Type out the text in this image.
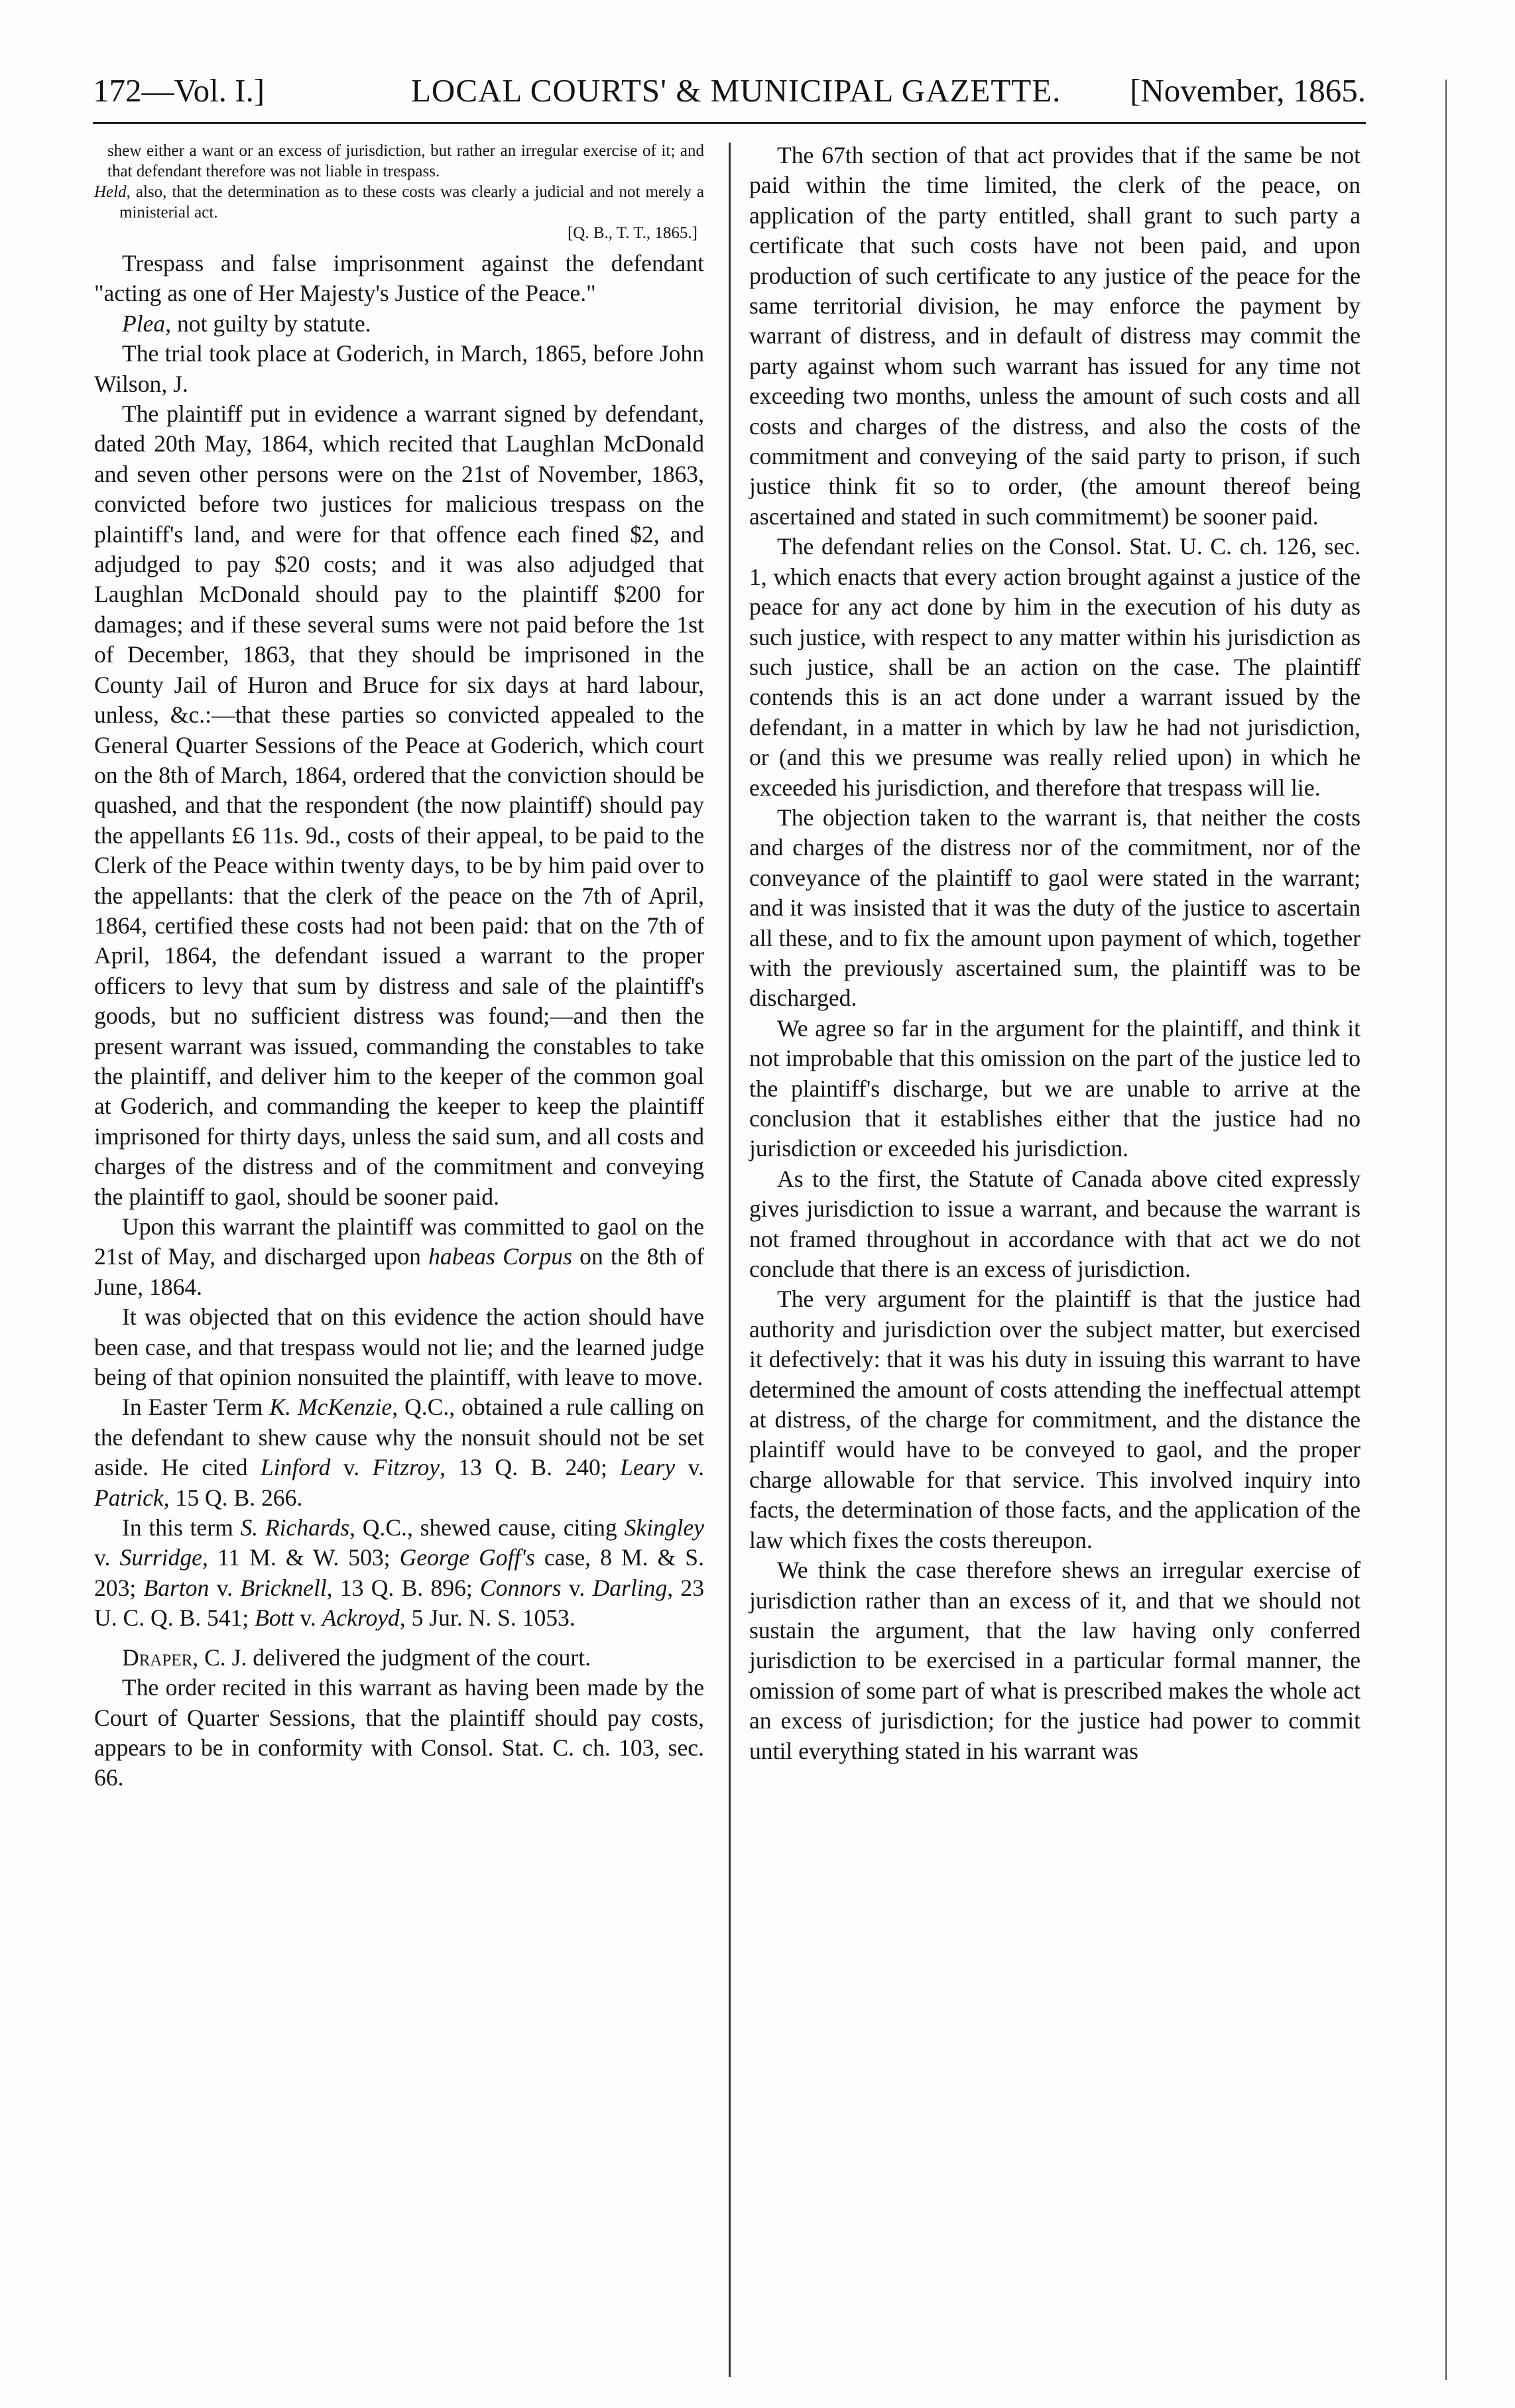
172—Vol. I.]	LOCAL COURTS' & MUNICIPAL GAZETTE. [November, 1865.

shew either a want or an excess of jurisdiction, but rather an irregular exercise of it; and that defendant therefore was not liable in trespass.

Held, also, that the determination as to these costs was clearly a judicial and not merely a ministerial act.

[Q. B., T. T., 1865.]

Trespass and false imprisonment against the defendant "acting as one of Her Majesty's Justice of the Peace."

Plea, not guilty by statute.

The trial took place at Goderich, in March, 1865, before John Wilson, J.

The plaintiff put in evidence a warrant signed by defendant, dated 20th May, 1864, which recited that Laughlan McDonald and seven other persons were on the 21st of November, 1863, convicted before two justices for malicious trespass on the plaintiff's land, and were for that offence each fined $2, and adjudged to pay $20 costs; and it was also adjudged that Laughlan McDonald should pay to the plaintiff $200 for damages; and if these several sums were not paid before the 1st of December, 1863, that they should be imprisoned in the County Jail of Huron and Bruce for six days at hard labour, unless, &c.:—that these parties so convicted appealed to the General Quarter Sessions of the Peace at Goderich, which court on the 8th of March, 1864, ordered that the conviction should be quashed, and that the respondent (the now plaintiff) should pay the appellants £6 11s. 9d., costs of their appeal, to be paid to the Clerk of the Peace within twenty days, to be by him paid over to the appellants: that the clerk of the peace on the 7th of April, 1864, certified these costs had not been paid: that on the 7th of April, 1864, the defendant issued a warrant to the proper officers to levy that sum by distress and sale of the plaintiff's goods, but no sufficient distress was found;—and then the present warrant was issued, commanding the constables to take the plaintiff, and deliver him to the keeper of the common goal at Goderich, and commanding the keeper to keep the plaintiff imprisoned for thirty days, unless the said sum, and all costs and charges of the distress and of the commitment and conveying the plaintiff to gaol, should be sooner paid.

Upon this warrant the plaintiff was committed to gaol on the 21st of May, and discharged upon habeas Corpus on the 8th of June, 1864.

It was objected that on this evidence the action should have been case, and that trespass would not lie; and the learned judge being of that opinion nonsuited the plaintiff, with leave to move.

In Easter Term K. McKenzie, Q.C., obtained a rule calling on the defendant to shew cause why the nonsuit should not be set aside. He cited Linford v. Fitzroy, 13 Q. B. 240; Leary v. Patrick, 15 Q. B. 266.

In this term S. Richards, Q.C., shewed cause, citing Skingley v. Surridge, 11 M. & W. 503; George Goff's case, 8 M. & S. 203; Barton v. Bricknell, 13 Q. B. 896; Connors v. Darling, 23 U. C. Q. B. 541; Bott v. Ackroyd, 5 Jur. N. S. 1053.

Draper, C. J. delivered the judgment of the court.

The order recited in this warrant as having been made by the Court of Quarter Sessions, that the plaintiff should pay costs, appears to be in conformity with Consol. Stat. C. ch. 103, sec. 66.

The 67th section of that act provides that if the same be not paid within the time limited, the clerk of the peace, on application of the party entitled, shall grant to such party a certificate that such costs have not been paid, and upon production of such certificate to any justice of the peace for the same territorial division, he may enforce the payment by warrant of distress, and in default of distress may commit the party against whom such warrant has issued for any time not exceeding two months, unless the amount of such costs and all costs and charges of the distress, and also the costs of the commitment and conveying of the said party to prison, if such justice think fit so to order, (the amount thereof being ascertained and stated in such commitmemt) be sooner paid.

The defendant relies on the Consol. Stat. U. C. ch. 126, sec. 1, which enacts that every action brought against a justice of the peace for any act done by him in the execution of his duty as such justice, with respect to any matter within his jurisdiction as such justice, shall be an action on the case. The plaintiff contends this is an act done under a warrant issued by the defendant, in a matter in which by law he had not jurisdiction, or (and this we presume was really relied upon) in which he exceeded his jurisdiction, and therefore that trespass will lie.

The objection taken to the warrant is, that neither the costs and charges of the distress nor of the commitment, nor of the conveyance of the plaintiff to gaol were stated in the warrant; and it was insisted that it was the duty of the justice to ascertain all these, and to fix the amount upon payment of which, together with the previously ascertained sum, the plaintiff was to be discharged.

We agree so far in the argument for the plaintiff, and think it not improbable that this omission on the part of the justice led to the plaintiff's discharge, but we are unable to arrive at the conclusion that it establishes either that the justice had no jurisdiction or exceeded his jurisdiction.

As to the first, the Statute of Canada above cited expressly gives jurisdiction to issue a warrant, and because the warrant is not framed throughout in accordance with that act we do not conclude that there is an excess of jurisdiction.

The very argument for the plaintiff is that the justice had authority and jurisdiction over the subject matter, but exercised it defectively: that it was his duty in issuing this warrant to have determined the amount of costs attending the ineffectual attempt at distress, of the charge for commitment, and the distance the plaintiff would have to be conveyed to gaol, and the proper charge allowable for that service. This involved inquiry into facts, the determination of those facts, and the application of the law which fixes the costs thereupon.

We think the case therefore shews an irregular exercise of jurisdiction rather than an excess of it, and that we should not sustain the argument, that the law having only conferred jurisdiction to be exercised in a particular formal manner, the omission of some part of what is prescribed makes the whole act an excess of jurisdiction; for the justice had power to commit until everything stated in his warrant was
